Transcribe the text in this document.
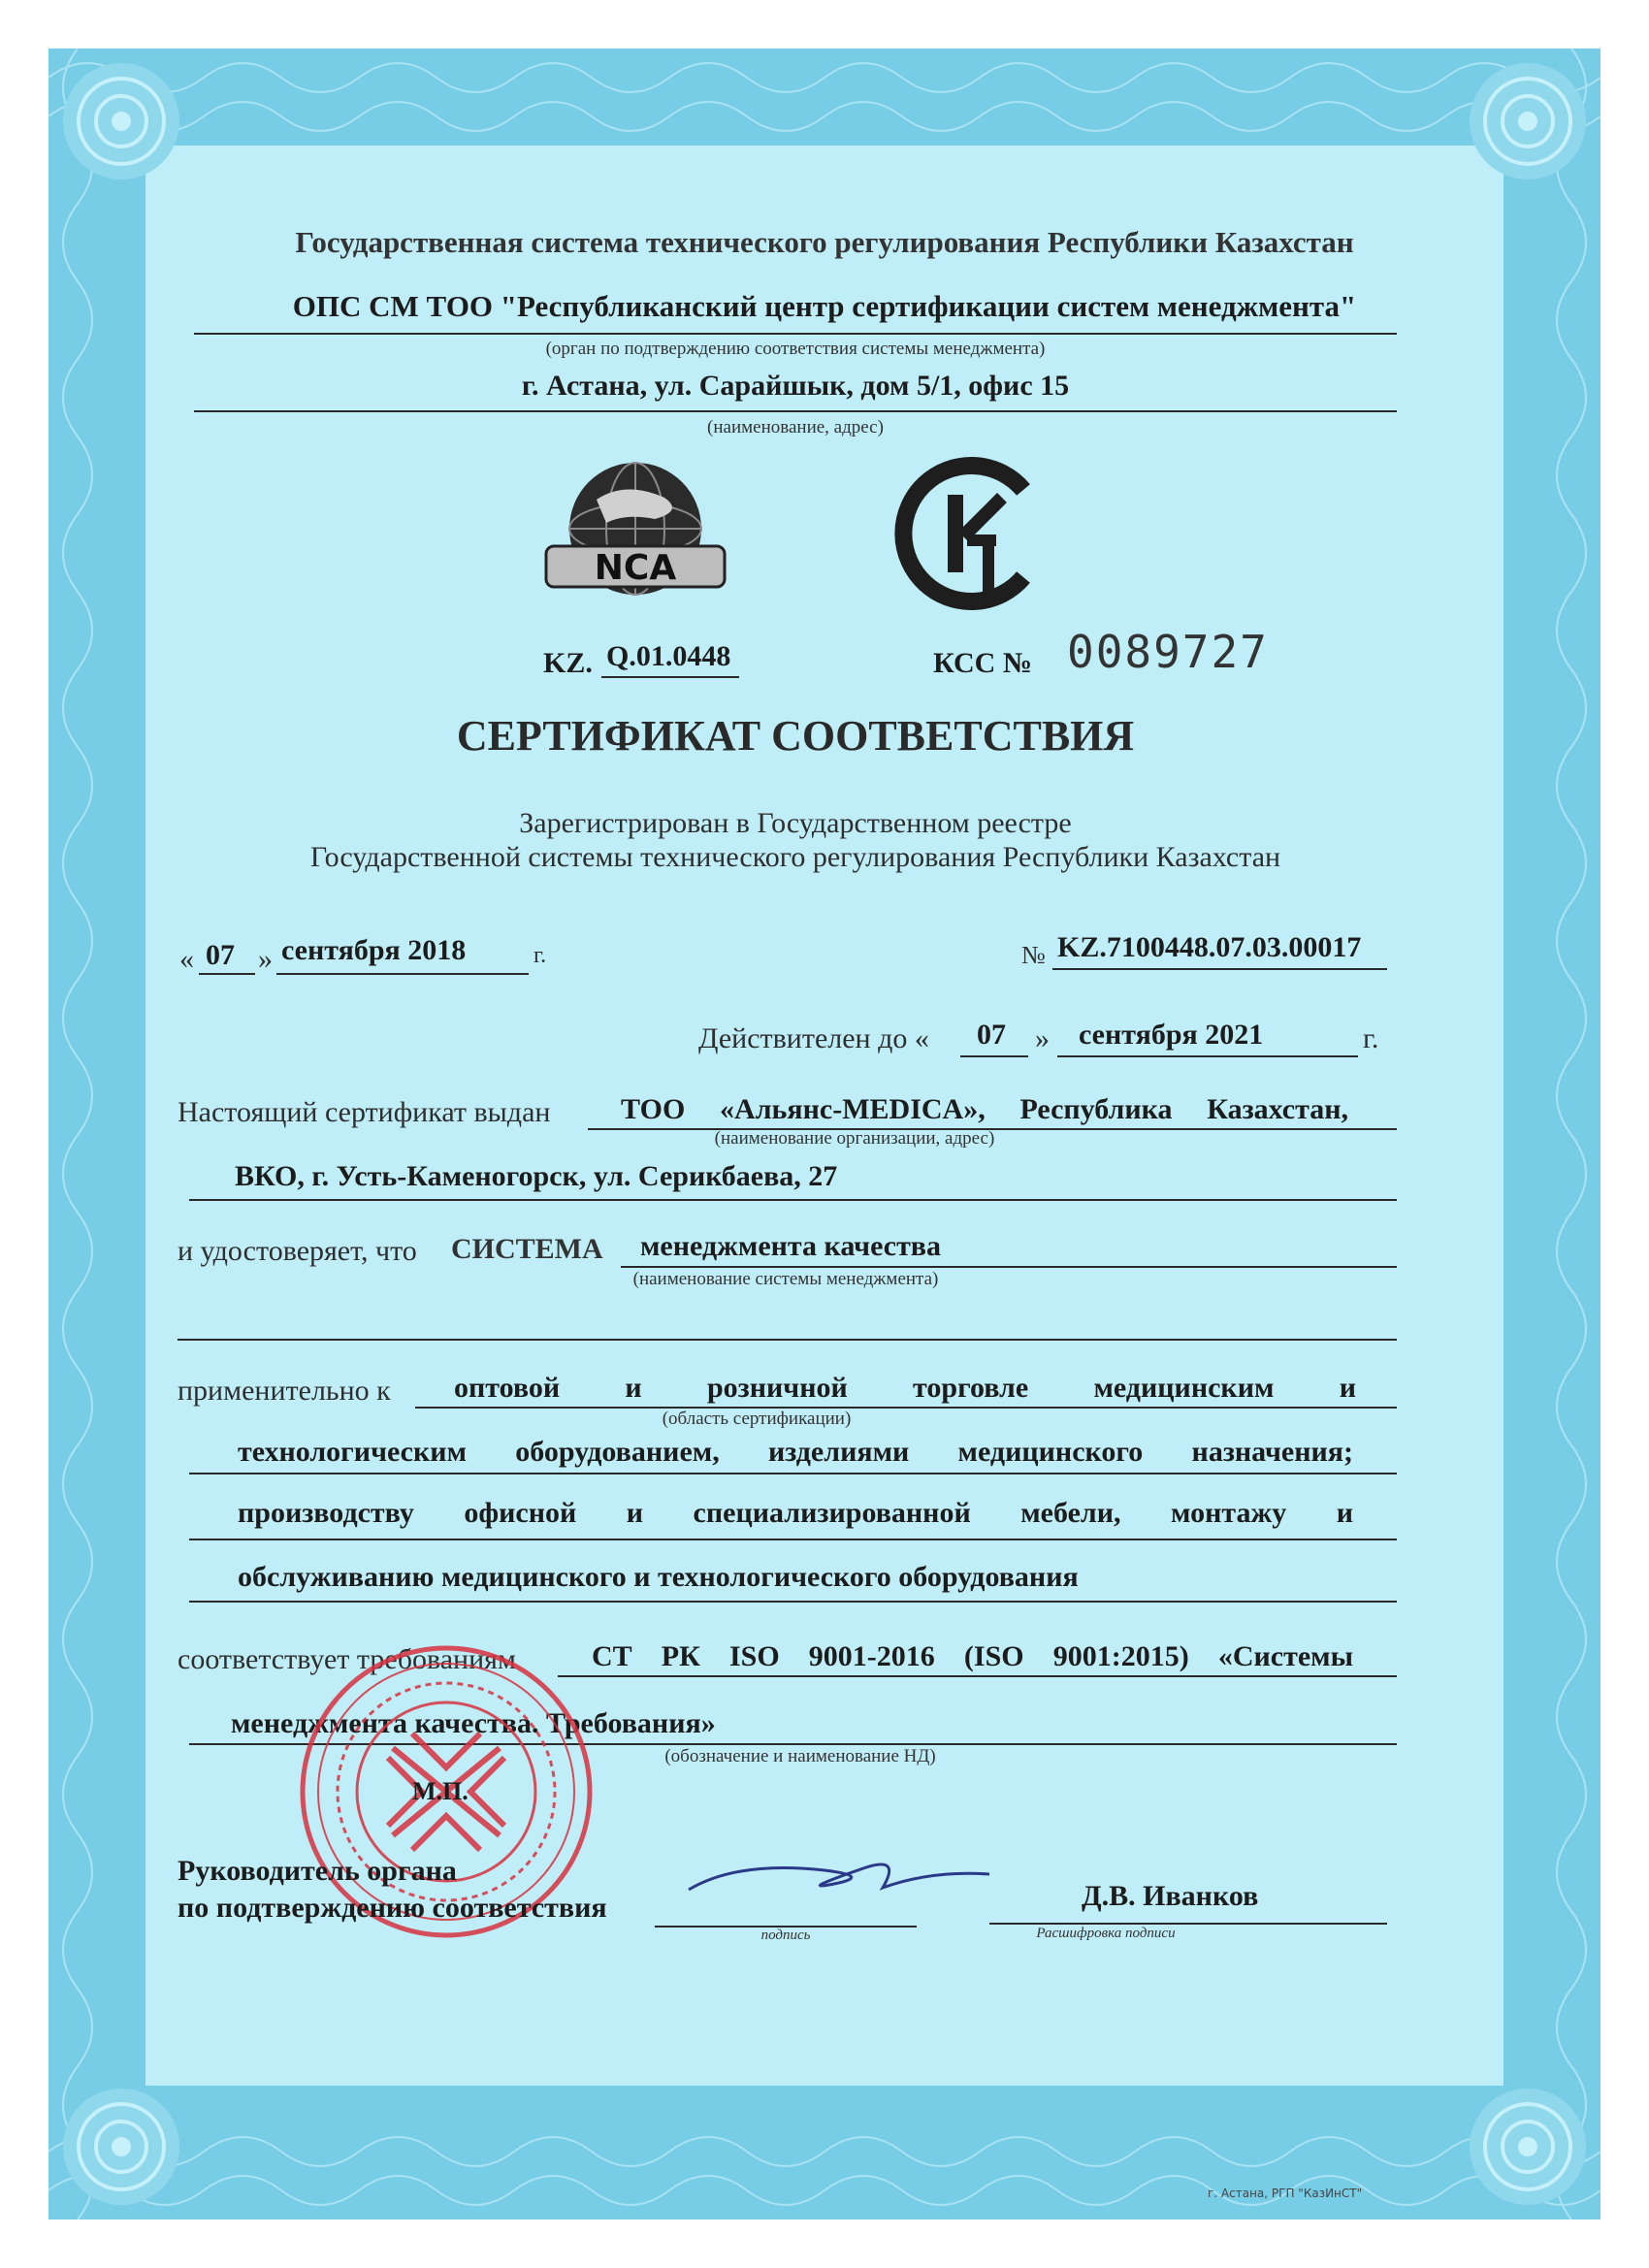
Государственная система технического регулирования Республики Казахстан
ОПС СМ ТОО "Республиканский центр сертификации систем менеджмента"
(орган по подтверждению соответствия системы менеджмента)
г. Астана, ул. Сарайшык, дом 5/1, офис 15
(наименование, адрес)
NCA
KZ
KZ. Q.01.0448	КСС № 0089727
СЕРТИФИКАТ СООТВЕТСТВИЯ
Зарегистрирован в Государственном реестре
Государственной системы технического регулирования Республики Казахстан
« 07 » сентября 2018	г.	№ KZ.7100448.07.03.00017
Действителен до « 07 » сентября 2021	г.
Настоящий сертификат выдан ТОО «Альянс-MEDICA», Республика Казахстан,
(наименование организации, адрес)
ВКО, г. Усть-Каменогорск, ул. Серикбаева, 27
и удостоверяет, что СИСТЕМА менеджмента качества
(наименование системы менеджмента)
применительно к оптовой и розничной торговле медицинским и
(область сертификации)
технологическим оборудованием, изделиями медицинского назначения;
производству офисной и специализированной мебели, монтажу и
обслуживанию медицинского и технологического оборудования
соответствует требованиям	СТ РК ISO 9001-2016 (ISO 9001:2015) «Системы
менеджмента качества. Требования»
(обозначение и наименование НД)
М.П.
Руководитель органа
по подтверждению соответствия
подпись
Д.В. Иванков
Расшифровка подписи
г. Астана, РГП "КазИнСТ"
